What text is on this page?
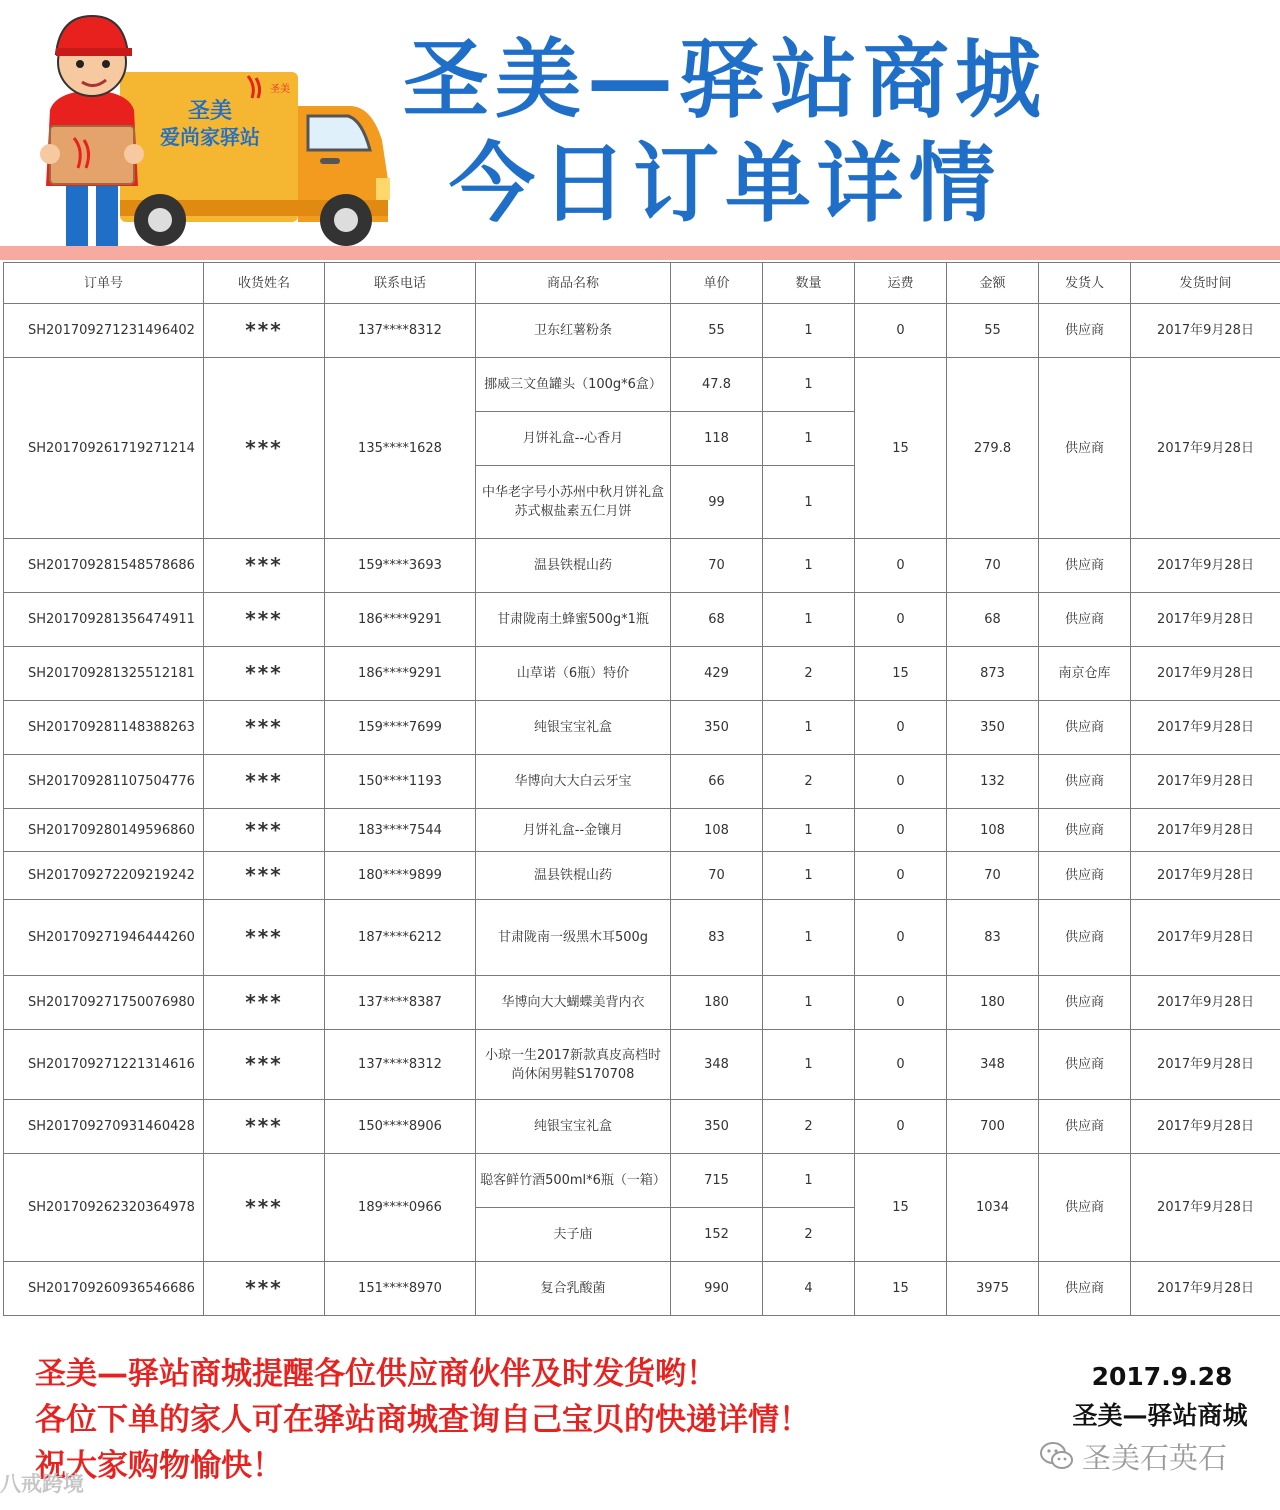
圣美
爱尚家驿站
圣美	圣美—驿站商城
今日订单详情
订单号	收货姓名	联系电话	商品名称	单价	数量	运费	金额	发货人	发货时间
SH201709271231496402	***	137****8312	卫东红薯粉条	55	1	0	55	供应商	2017年9月28日
SH201709261719271214	***	135****1628	挪威三文鱼罐头（100g*6盒）	47.8	1	15	279.8	供应商	2017年9月28日
			月饼礼盒--心香月	118	1				
			中华老字号小苏州中秋月饼礼盒苏式椒盐素五仁月饼	99	1				
SH201709281548578686	***	159****3693	温县铁棍山药	70	1	0	70	供应商	2017年9月28日
SH201709281356474911	***	186****9291	甘肃陇南土蜂蜜500g*1瓶	68	1	0	68	供应商	2017年9月28日
SH201709281325512181	***	186****9291	山草诺（6瓶）特价	429	2	15	873	南京仓库	2017年9月28日
SH201709281148388263	***	159****7699	纯银宝宝礼盒	350	1	0	350	供应商	2017年9月28日
SH201709281107504776	***	150****1193	华博向大大白云牙宝	66	2	0	132	供应商	2017年9月28日
SH201709280149596860	***	183****7544	月饼礼盒--金镶月	108	1	0	108	供应商	2017年9月28日
SH201709272209219242	***	180****9899	温县铁棍山药	70	1	0	70	供应商	2017年9月28日
SH201709271946444260	***	187****6212	甘肃陇南一级黑木耳500g	83	1	0	83	供应商	2017年9月28日
SH201709271750076980	***	137****8387	华博向大大蝴蝶美背内衣	180	1	0	180	供应商	2017年9月28日
SH201709271221314616	***	137****8312	小琼一生2017新款真皮高档时尚休闲男鞋S170708	348	1	0	348	供应商	2017年9月28日
SH201709270931460428	***	150****8906	纯银宝宝礼盒	350	2	0	700	供应商	2017年9月28日
SH201709262320364978	***	189****0966	聪客鲜竹酒500ml*6瓶（一箱）	715	1	15	1034	供应商	2017年9月28日
			夫子庙	152	2				
SH201709260936546686	***	151****8970	复合乳酸菌	990	4	15	3975	供应商	2017年9月28日
圣美—驿站商城提醒各位供应商伙伴及时发货哟！
各位下单的家人可在驿站商城查询自己宝贝的快递详情！
祝大家购物愉快！
2017.9.28
圣美—驿站商城
圣美石英石
八戒跨境
